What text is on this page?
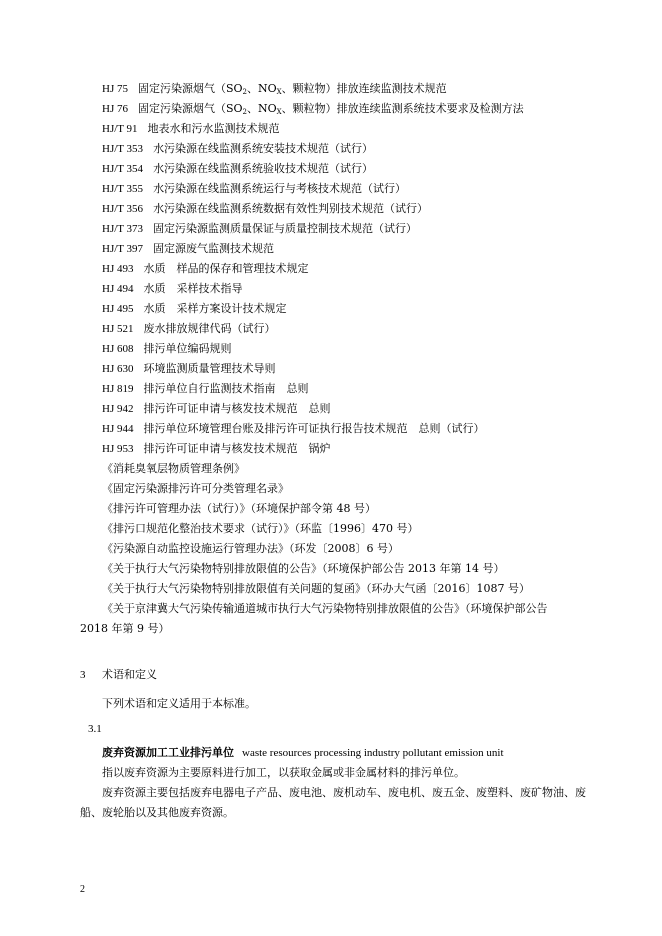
HJ 75 固定污染源烟气（$SO_2$、$NO_X$、颗粒物）排放连续监测技术规范
HJ 76 固定污染源烟气（$SO_2$、$NO_X$、颗粒物）排放连续监测系统技术要求及检测方法
HJ/T 91 地表水和污水监测技术规范
HJ/T 353 水污染源在线监测系统安装技术规范（试行）
HJ/T 354 水污染源在线监测系统验收技术规范（试行）
HJ/T 355 水污染源在线监测系统运行与考核技术规范（试行）
HJ/T 356 水污染源在线监测系统数据有效性判别技术规范（试行）
HJ/T 373 固定污染源监测质量保证与质量控制技术规范（试行）
HJ/T 397 固定源废气监测技术规范
HJ 493 水质　样品的保存和管理技术规定
HJ 494 水质　采样技术指导
HJ 495 水质　采样方案设计技术规定
HJ 521 废水排放规律代码（试行）
HJ 608 排污单位编码规则
HJ 630 环境监测质量管理技术导则
HJ 819 排污单位自行监测技术指南　总则
HJ 942 排污许可证申请与核发技术规范　总则
HJ 944 排污单位环境管理台账及排污许可证执行报告技术规范　总则（试行）
HJ 953 排污许可证申请与核发技术规范　锅炉
《消耗臭氧层物质管理条例》
《固定污染源排污许可分类管理名录》
《排污许可管理办法（试行）》（环境保护部令第 48 号）
《排污口规范化整治技术要求（试行）》（环监〔1996〕470 号）
《污染源自动监控设施运行管理办法》（环发〔2008〕6 号）
《关于执行大气污染物特别排放限值的公告》（环境保护部公告 2013 年第 14 号）
《关于执行大气污染物特别排放限值有关问题的复函》（环办大气函〔2016〕1087 号）
《关于京津冀大气污染传输通道城市执行大气污染物特别排放限值的公告》（环境保护部公告 2018 年第 9 号）
3 术语和定义
下列术语和定义适用于本标准。
3.1
废弃资源加工工业排污单位 waste resources processing industry pollutant emission unit
指以废弃资源为主要原料进行加工，以获取金属或非金属材料的排污单位。
废弃资源主要包括废弃电器电子产品、废电池、废机动车、废电机、废五金、废塑料、废矿物油、废船、废轮胎以及其他废弃资源。
2
